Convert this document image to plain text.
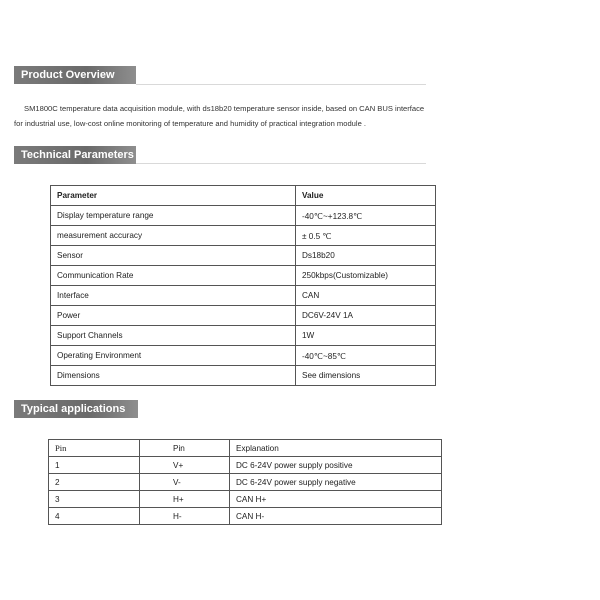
Product Overview
SM1800C temperature data acquisition module, with ds18b20 temperature sensor inside, based on CAN BUS interface
for industrial use, low-cost online monitoring of temperature and humidity of practical integration module .
Technical Parameters
Parameter	Value
Display temperature range	-40℃~+123.8℃
measurement accuracy	± 0.5 ℃
Sensor	Ds18b20
Communication Rate	250kbps(Customizable)
Interface	CAN
Power	DC6V-24V 1A
Support Channels	1W
Operating Environment	-40℃~85℃
Dimensions	See dimensions
Typical applications
Pin	Pin	Explanation
1	V+	DC 6-24V power supply positive
2	V-	DC 6-24V power supply negative
3	H+	CAN H+
4	H-	CAN H-
